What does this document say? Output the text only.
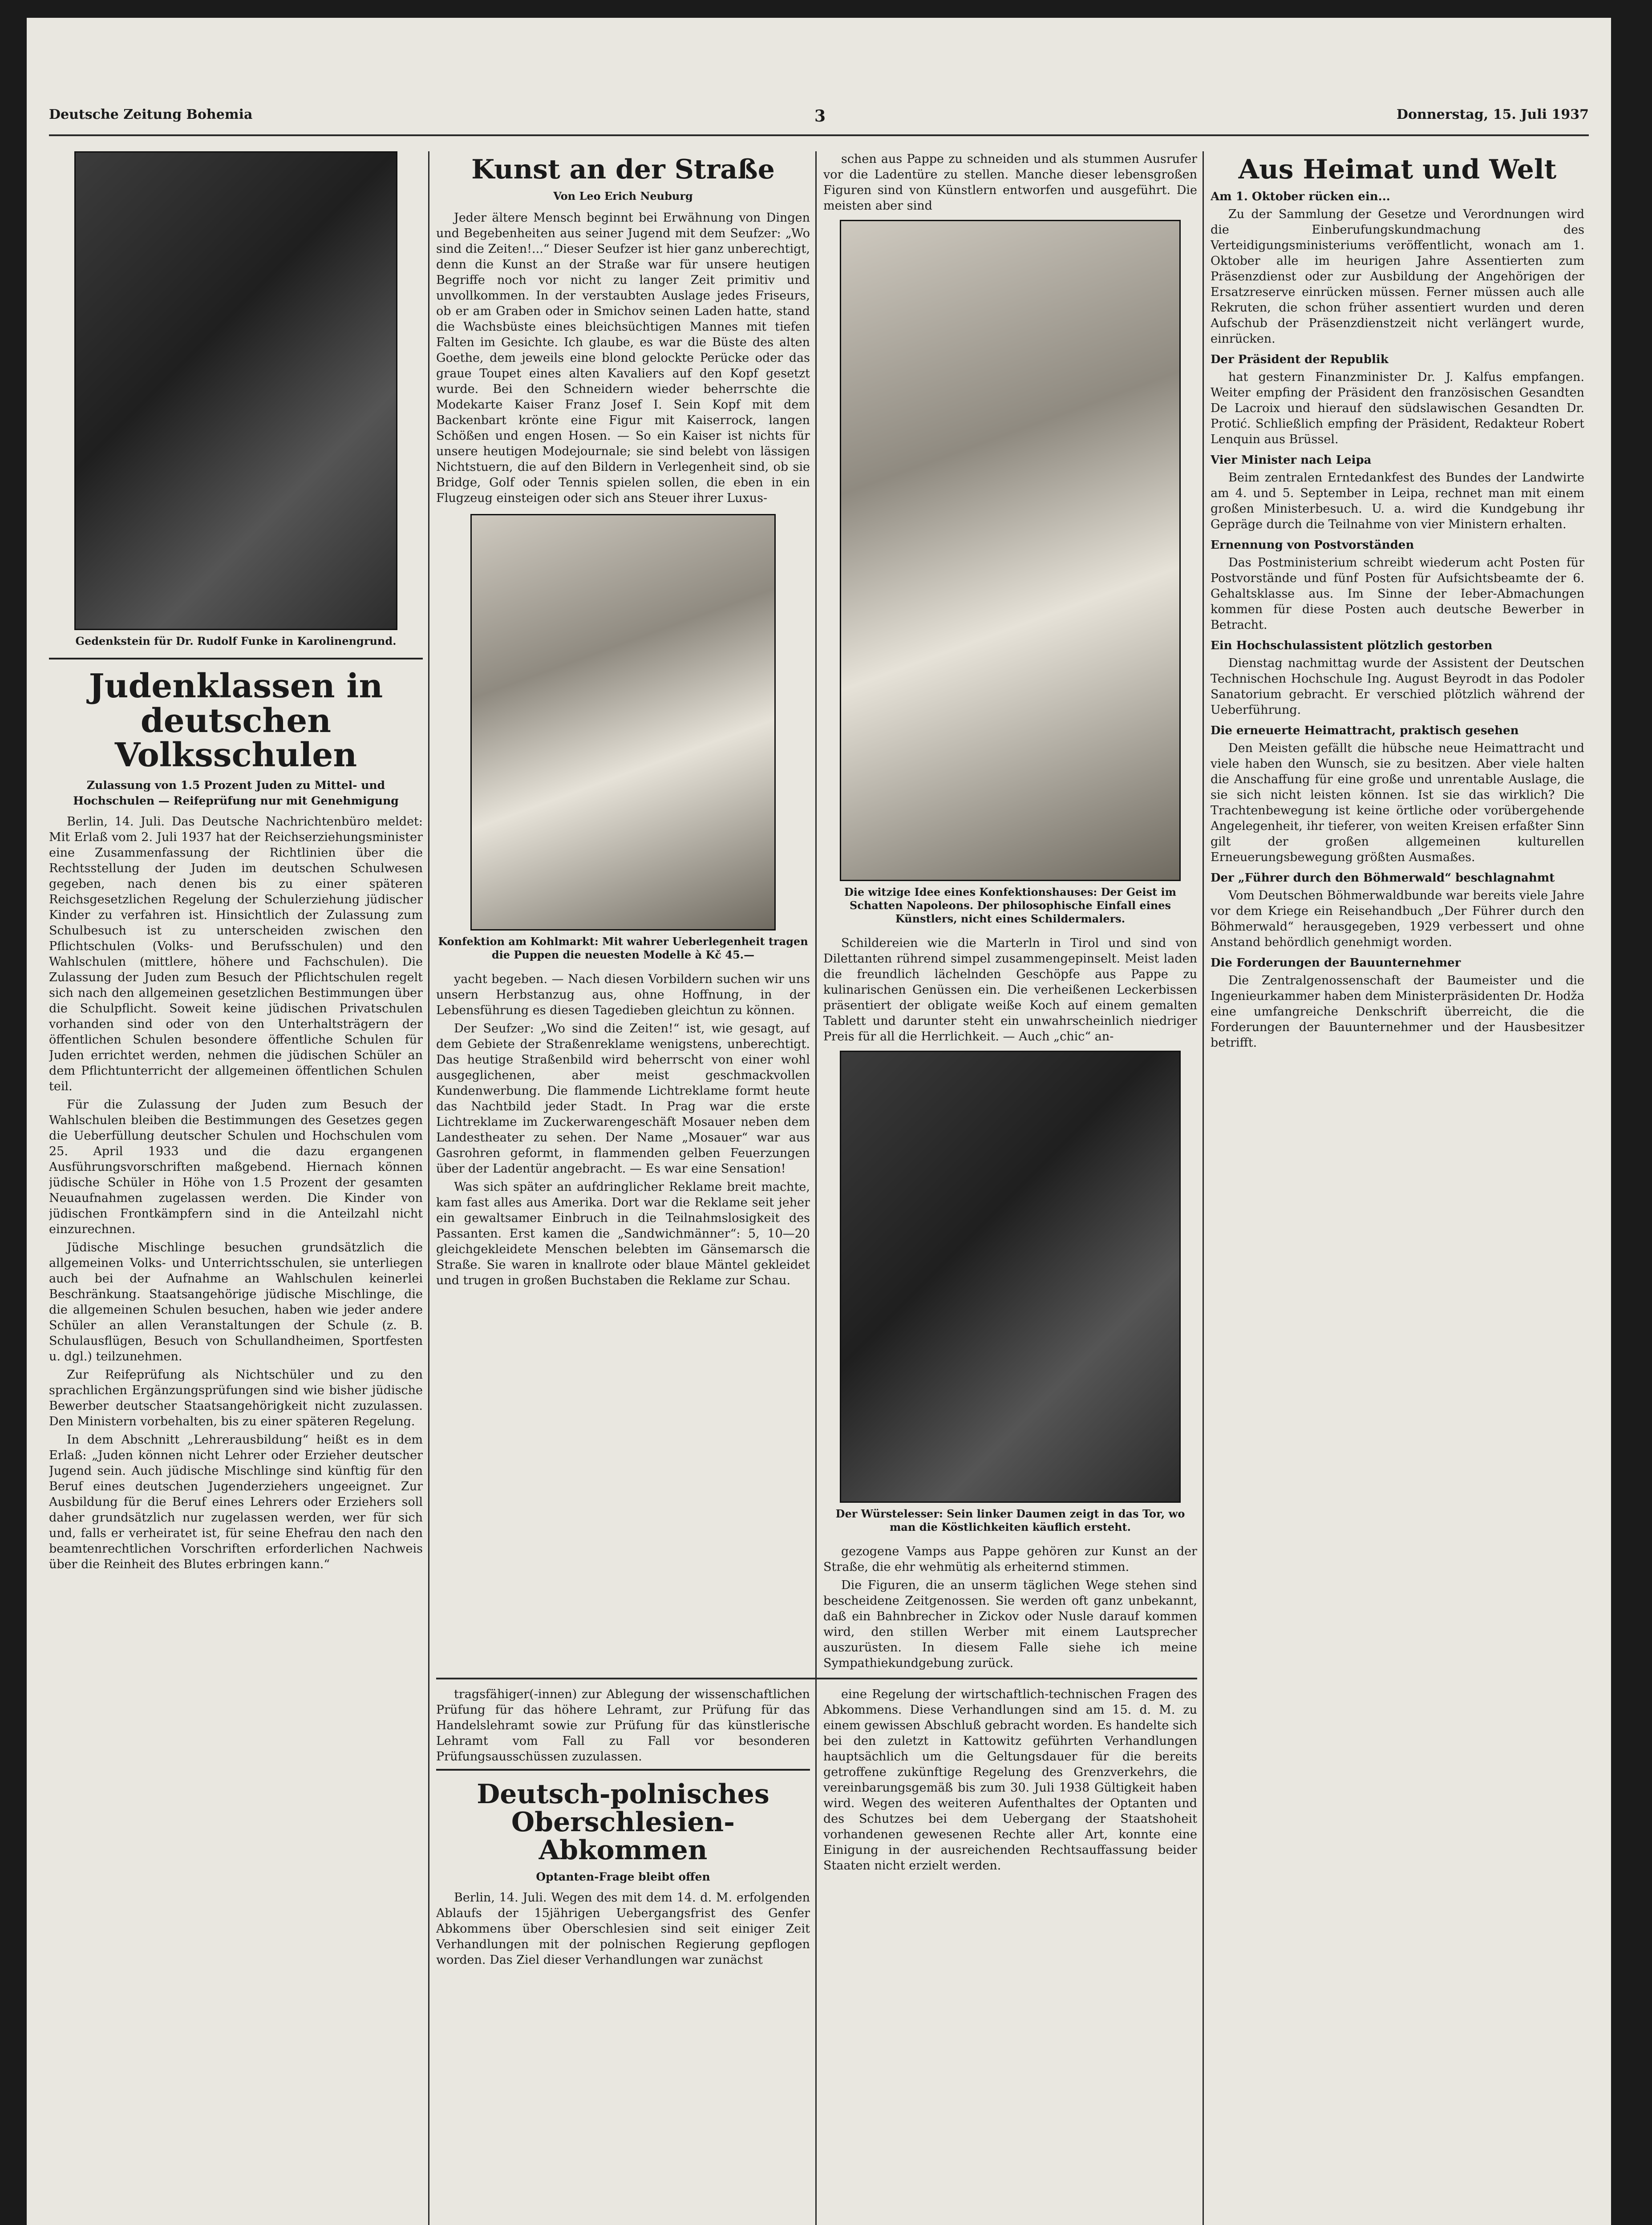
Deutsche Zeitung Bohemia	3	Donnerstag, 15. Juli 1937
Gedenkstein für Dr. Rudolf Funke in Karolinengrund.
Judenklassen in deutschen Volksschulen
Zulassung von 1.5 Prozent Juden zu Mittel- und Hochschulen — Reifeprüfung nur mit Genehmigung

Berlin, 14. Juli. Das Deutsche Nachrichtenbüro meldet: Mit Erlaß vom 2. Juli 1937 hat der Reichserziehungsminister eine Zusammenfassung der Richtlinien über die Rechtsstellung der Juden im deutschen Schulwesen gegeben, nach denen bis zu einer späteren Reichsgesetzlichen Regelung der Schulerziehung jüdischer Kinder zu verfahren ist. Hinsichtlich der Zulassung zum Schulbesuch ist zu unterscheiden zwischen den Pflichtschulen (Volks- und Berufsschulen) und den Wahlschulen (mittlere, höhere und Fachschulen). Die Zulassung der Juden zum Besuch der Pflichtschulen regelt sich nach den allgemeinen gesetzlichen Bestimmungen über die Schulpflicht. Soweit keine jüdischen Privatschulen vorhanden sind oder von den Unterhaltsträgern der öffentlichen Schulen besondere öffentliche Schulen für Juden errichtet werden, nehmen die jüdischen Schüler an dem Pflichtunterricht der allgemeinen öffentlichen Schulen teil.

Für die Zulassung der Juden zum Besuch der Wahlschulen bleiben die Bestimmungen des Gesetzes gegen die Ueberfüllung deutscher Schulen und Hochschulen vom 25. April 1933 und die dazu ergangenen Ausführungsvorschriften maßgebend. Hiernach können jüdische Schüler in Höhe von 1.5 Prozent der gesamten Neuaufnahmen zugelassen werden. Die Kinder von jüdischen Frontkämpfern sind in die Anteilzahl nicht einzurechnen.

Jüdische Mischlinge besuchen grundsätzlich die allgemeinen Volks- und Unterrichtsschulen, sie unterliegen auch bei der Aufnahme an Wahlschulen keinerlei Beschränkung. Staatsangehörige jüdische Mischlinge, die die allgemeinen Schulen besuchen, haben wie jeder andere Schüler an allen Veranstaltungen der Schule (z. B. Schulausflügen, Besuch von Schullandheimen, Sportfesten u. dgl.) teilzunehmen.

Zur Reifeprüfung als Nichtschüler und zu den sprachlichen Ergänzungsprüfungen sind wie bisher jüdische Bewerber deutscher Staatsangehörigkeit nicht zuzulassen. Den Ministern vorbehalten, bis zu einer späteren Regelung.

In dem Abschnitt „Lehrerausbildung“ heißt es in dem Erlaß: „Juden können nicht Lehrer oder Erzieher deutscher Jugend sein. Auch jüdische Mischlinge sind künftig für den Beruf eines deutschen Jugenderziehers ungeeignet. Zur Ausbildung für die Beruf eines Lehrers oder Erziehers soll daher grundsätzlich nur zugelassen werden, wer für sich und, falls er verheiratet ist, für seine Ehefrau den nach den beamtenrechtlichen Vorschriften erforderlichen Nachweis über die Reinheit des Blutes erbringen kann.“

Kunst an der Straße
Von Leo Erich Neuburg

Jeder ältere Mensch beginnt bei Erwähnung von Dingen und Begebenheiten aus seiner Jugend mit dem Seufzer: „Wo sind die Zeiten!...“ Dieser Seufzer ist hier ganz unberechtigt, denn die Kunst an der Straße war für unsere heutigen Begriffe noch vor nicht zu langer Zeit primitiv und unvollkommen. In der verstaubten Auslage jedes Friseurs, ob er am Graben oder in Smichov seinen Laden hatte, stand die Wachsbüste eines bleichsüchtigen Mannes mit tiefen Falten im Gesichte. Ich glaube, es war die Büste des alten Goethe, dem jeweils eine blond gelockte Perücke oder das graue Toupet eines alten Kavaliers auf den Kopf gesetzt wurde. Bei den Schneidern wieder beherrschte die Modekarte Kaiser Franz Josef I. Sein Kopf mit dem Backenbart krönte eine Figur mit Kaiserrock, langen Schößen und engen Hosen. — So ein Kaiser ist nichts für unsere heutigen Modejournale; sie sind belebt von lässigen Nichtstuern, die auf den Bildern in Verlegenheit sind, ob sie Bridge, Golf oder Tennis spielen sollen, die eben in ein Flugzeug einsteigen oder sich ans Steuer ihrer Luxus-

Konfektion am Kohlmarkt: Mit wahrer Ueberlegenheit tragen die Puppen die neuesten Modelle à Kč 45.—

yacht begeben. — Nach diesen Vorbildern suchen wir uns unsern Herbstanzug aus, ohne Hoffnung, in der Lebensführung es diesen Tagedieben gleichtun zu können.

Der Seufzer: „Wo sind die Zeiten!“ ist, wie gesagt, auf dem Gebiete der Straßenreklame wenigstens, unberechtigt. Das heutige Straßenbild wird beherrscht von einer wohl ausgeglichenen, aber meist geschmackvollen Kundenwerbung. Die flammende Lichtreklame formt heute das Nachtbild jeder Stadt. In Prag war die erste Lichtreklame im Zuckerwarengeschäft Mosauer neben dem Landestheater zu sehen. Der Name „Mosauer“ war aus Gasrohren geformt, in flammenden gelben Feuerzungen über der Ladentür angebracht. — Es war eine Sensation!

Was sich später an aufdringlicher Reklame breit machte, kam fast alles aus Amerika. Dort war die Reklame seit jeher ein gewaltsamer Einbruch in die Teilnahmslosigkeit des Passanten. Erst kamen die „Sandwichmänner“: 5, 10—20 gleichgekleidete Menschen belebten im Gänsemarsch die Straße. Sie waren in knallrote oder blaue Mäntel gekleidet und trugen in großen Buchstaben die Reklame zur Schau.

schen aus Pappe zu schneiden und als stummen Ausrufer vor die Ladentüre zu stellen. Manche dieser lebensgroßen Figuren sind von Künstlern entworfen und ausgeführt. Die meisten aber sind

Die witzige Idee eines Konfektionshauses: Der Geist im Schatten Napoleons. Der philosophische Einfall eines Künstlers, nicht eines Schildermalers.

Schildereien wie die Marterln in Tirol und sind von Dilettanten rührend simpel zusammengepinselt. Meist laden die freundlich lächelnden Geschöpfe aus Pappe zu kulinarischen Genüssen ein. Die verheißenen Leckerbissen präsentiert der obligate weiße Koch auf einem gemalten Tablett und darunter steht ein unwahrscheinlich niedriger Preis für all die Herrlichkeit. — Auch „chic“ an-

Der Würstelesser: Sein linker Daumen zeigt in das Tor, wo man die Köstlichkeiten käuflich ersteht.

gezogene Vamps aus Pappe gehören zur Kunst an der Straße, die ehr wehmütig als erheiternd stimmen.

Die Figuren, die an unserm täglichen Wege stehen sind bescheidene Zeitgenossen. Sie werden oft ganz unbekannt, daß ein Bahnbrecher in Zickov oder Nusle darauf kommen wird, den stillen Werber mit einem Lautsprecher auszurüsten. In diesem Falle siehe ich meine Sympathiekundgebung zurück.

tragsfähiger(-innen) zur Ablegung der wissenschaftlichen Prüfung für das höhere Lehramt, zur Prüfung für das Handelslehramt sowie zur Prüfung für das künstlerische Lehramt vom Fall zu Fall vor besonderen Prüfungsausschüssen zuzulassen.

Deutsch-polnisches Oberschlesien-Abkommen
Optanten-Frage bleibt offen

Berlin, 14. Juli. Wegen des mit dem 14. d. M. erfolgenden Ablaufs der 15jährigen Uebergangsfrist des Genfer Abkommens über Oberschlesien sind seit einiger Zeit Verhandlungen mit der polnischen Regierung gepflogen worden. Das Ziel dieser Verhandlungen war zunächst

eine Regelung der wirtschaftlich-technischen Fragen des Abkommens. Diese Verhandlungen sind am 15. d. M. zu einem gewissen Abschluß gebracht worden. Es handelte sich bei den zuletzt in Kattowitz geführten Verhandlungen hauptsächlich um die Geltungsdauer für die bereits getroffene zukünftige Regelung des Grenzverkehrs, die vereinbarungsgemäß bis zum 30. Juli 1938 Gültigkeit haben wird. Wegen des weiteren Aufenthaltes der Optanten und des Schutzes bei dem Uebergang der Staatshoheit vorhandenen gewesenen Rechte aller Art, konnte eine Einigung in der ausreichenden Rechtsauffassung beider Staaten nicht erzielt werden.

Aus Heimat und Welt
Am 1. Oktober rücken ein...

Zu der Sammlung der Gesetze und Verordnungen wird die Einberufungskundmachung des Verteidigungsministeriums veröffentlicht, wonach am 1. Oktober alle im heurigen Jahre Assentierten zum Präsenzdienst oder zur Ausbildung der Angehörigen der Ersatzreserve einrücken müssen. Ferner müssen auch alle Rekruten, die schon früher assentiert wurden und deren Aufschub der Präsenzdienstzeit nicht verlängert wurde, einrücken.

Der Präsident der Republik

hat gestern Finanzminister Dr. J. Kalfus empfangen. Weiter empfing der Präsident den französischen Gesandten De Lacroix und hierauf den südslawischen Gesandten Dr. Protić. Schließlich empfing der Präsident, Redakteur Robert Lenquin aus Brüssel.

Vier Minister nach Leipa

Beim zentralen Erntedankfest des Bundes der Landwirte am 4. und 5. September in Leipa, rechnet man mit einem großen Ministerbesuch. U. a. wird die Kundgebung ihr Gepräge durch die Teilnahme von vier Ministern erhalten.

Ernennung von Postvorständen

Das Postministerium schreibt wiederum acht Posten für Postvorstände und fünf Posten für Aufsichtsbeamte der 6. Gehaltsklasse aus. Im Sinne der Ieber-Abmachungen kommen für diese Posten auch deutsche Bewerber in Betracht.

Ein Hochschulassistent plötzlich gestorben

Dienstag nachmittag wurde der Assistent der Deutschen Technischen Hochschule Ing. August Beyrodt in das Podoler Sanatorium gebracht. Er verschied plötzlich während der Ueberführung.

Die erneuerte Heimattracht, praktisch gesehen

Den Meisten gefällt die hübsche neue Heimattracht und viele haben den Wunsch, sie zu besitzen. Aber viele halten die Anschaffung für eine große und unrentable Auslage, die sie sich nicht leisten können. Ist sie das wirklich? Die Trachtenbewegung ist keine örtliche oder vorübergehende Angelegenheit, ihr tieferer, von weiten Kreisen erfaßter Sinn gilt der großen allgemeinen kulturellen Erneuerungsbewegung größten Ausmaßes.

Der „Führer durch den Böhmerwald“ beschlagnahmt

Vom Deutschen Böhmerwaldbunde war bereits viele Jahre vor dem Kriege ein Reisehandbuch „Der Führer durch den Böhmerwald“ herausgegeben, 1929 verbessert und ohne Anstand behördlich genehmigt worden.

Die Forderungen der Bauunternehmer

Die Zentralgenossenschaft der Baumeister und die Ingenieurkammer haben dem Ministerpräsidenten Dr. Hodža eine umfangreiche Denkschrift überreicht, die die Forderungen der Bauunternehmer und der Hausbesitzer betrifft.
